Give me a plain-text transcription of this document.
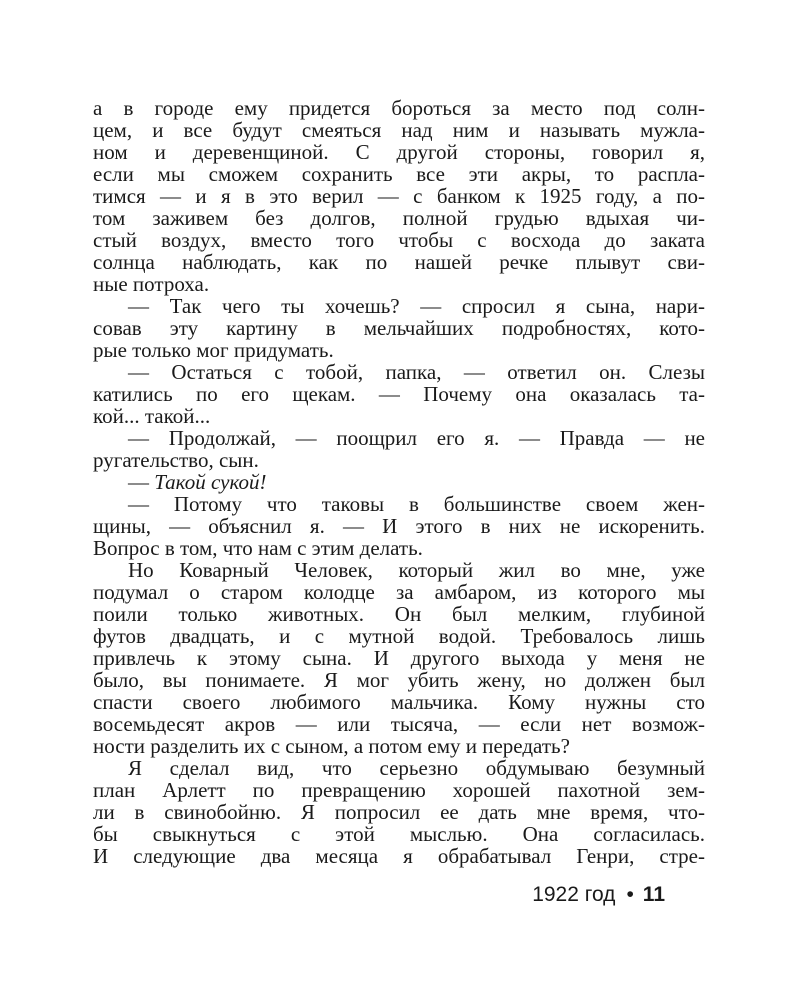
а в городе ему придется бороться за место под солн-
цем, и все будут смеяться над ним и называть мужла-
ном и деревенщиной. С другой стороны, говорил я,
если мы сможем сохранить все эти акры, то распла-
тимся — и я в это верил — с банком к 1925 году, а по-
том заживем без долгов, полной грудью вдыхая чи-
стый воздух, вместо того чтобы с восхода до заката
солнца наблюдать, как по нашей речке плывут сви-
ные потроха.
— Так чего ты хочешь? — спросил я сына, нари-
совав эту картину в мельчайших подробностях, кото-
рые только мог придумать.
— Остаться с тобой, папка, — ответил он. Слезы
катились по его щекам. — Почему она оказалась та-
кой... такой...
— Продолжай, — поощрил его я. — Правда — не
ругательство, сын.
— Такой сукой!
— Потому что таковы в большинстве своем жен-
щины, — объяснил я. — И этого в них не искоренить.
Вопрос в том, что нам с этим делать.
Но Коварный Человек, который жил во мне, уже
подумал о старом колодце за амбаром, из которого мы
поили только животных. Он был мелким, глубиной
футов двадцать, и с мутной водой. Требовалось лишь
привлечь к этому сына. И другого выхода у меня не
было, вы понимаете. Я мог убить жену, но должен был
спасти своего любимого мальчика. Кому нужны сто
восемьдесят акров — или тысяча, — если нет возмож-
ности разделить их с сыном, а потом ему и передать?
Я сделал вид, что серьезно обдумываю безумный
план Арлетт по превращению хорошей пахотной зем-
ли в свинобойню. Я попросил ее дать мне время, что-
бы свыкнуться с этой мыслью. Она согласилась.
И следующие два месяца я обрабатывал Генри, стре-
1922 год • 11
